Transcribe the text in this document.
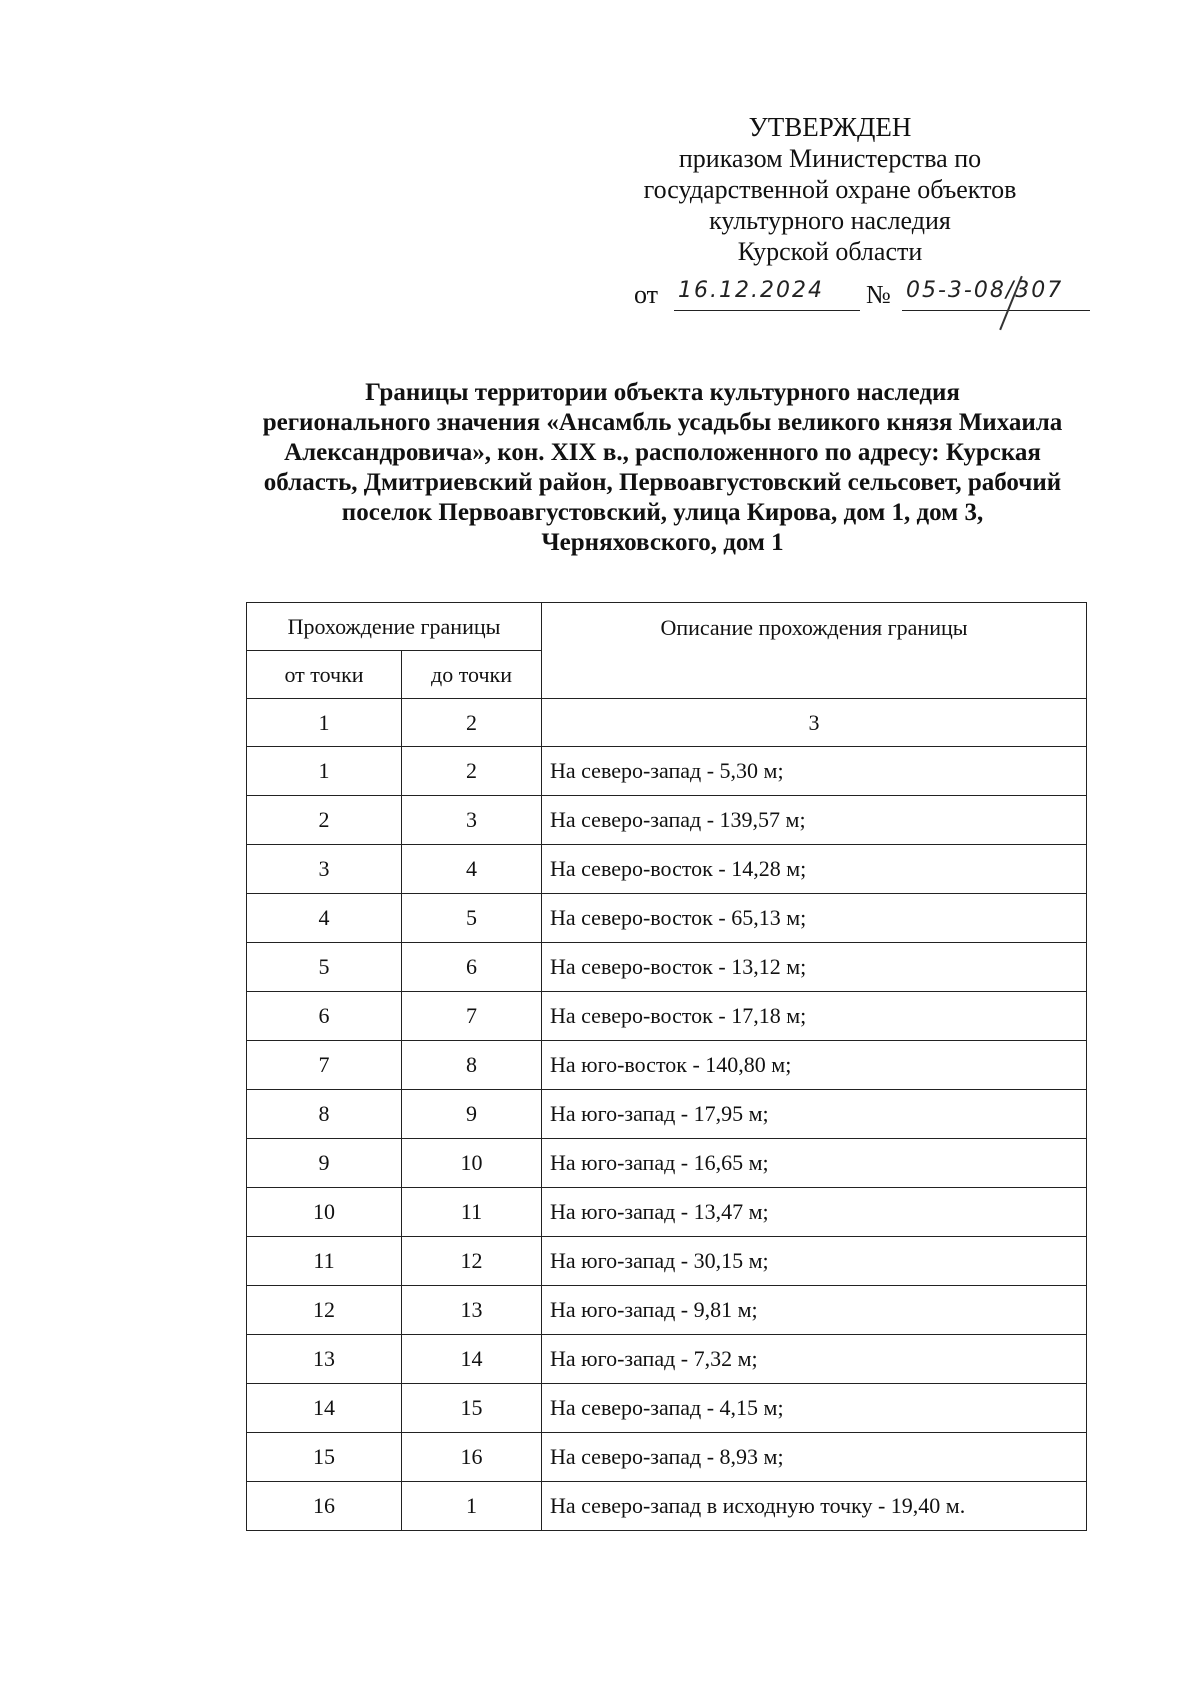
УТВЕРЖДЕН
приказом Министерства по
государственной охране объектов
культурного наследия
Курской области
от 16.12.2024 № 05-3-08/307
Границы территории объекта культурного наследия
регионального значения «Ансамбль усадьбы великого князя Михаила
Александровича», кон. XIX в., расположенного по адресу: Курская
область, Дмитриевский район, Первоавгустовский сельсовет, рабочий
поселок Первоавгустовский, улица Кирова, дом 1, дом 3,
Черняховского, дом 1
Прохождение границы		Описание прохождения границы
от точки	до точки	
1	2	3
1	2	На северо-запад - 5,30 м;
2	3	На северо-запад - 139,57 м;
3	4	На северо-восток - 14,28 м;
4	5	На северо-восток - 65,13 м;
5	6	На северо-восток - 13,12 м;
6	7	На северо-восток - 17,18 м;
7	8	На юго-восток - 140,80 м;
8	9	На юго-запад - 17,95 м;
9	10	На юго-запад - 16,65 м;
10	11	На юго-запад - 13,47 м;
11	12	На юго-запад - 30,15 м;
12	13	На юго-запад - 9,81 м;
13	14	На юго-запад - 7,32 м;
14	15	На северо-запад - 4,15 м;
15	16	На северо-запад - 8,93 м;
16	1	На северо-запад в исходную точку - 19,40 м.
